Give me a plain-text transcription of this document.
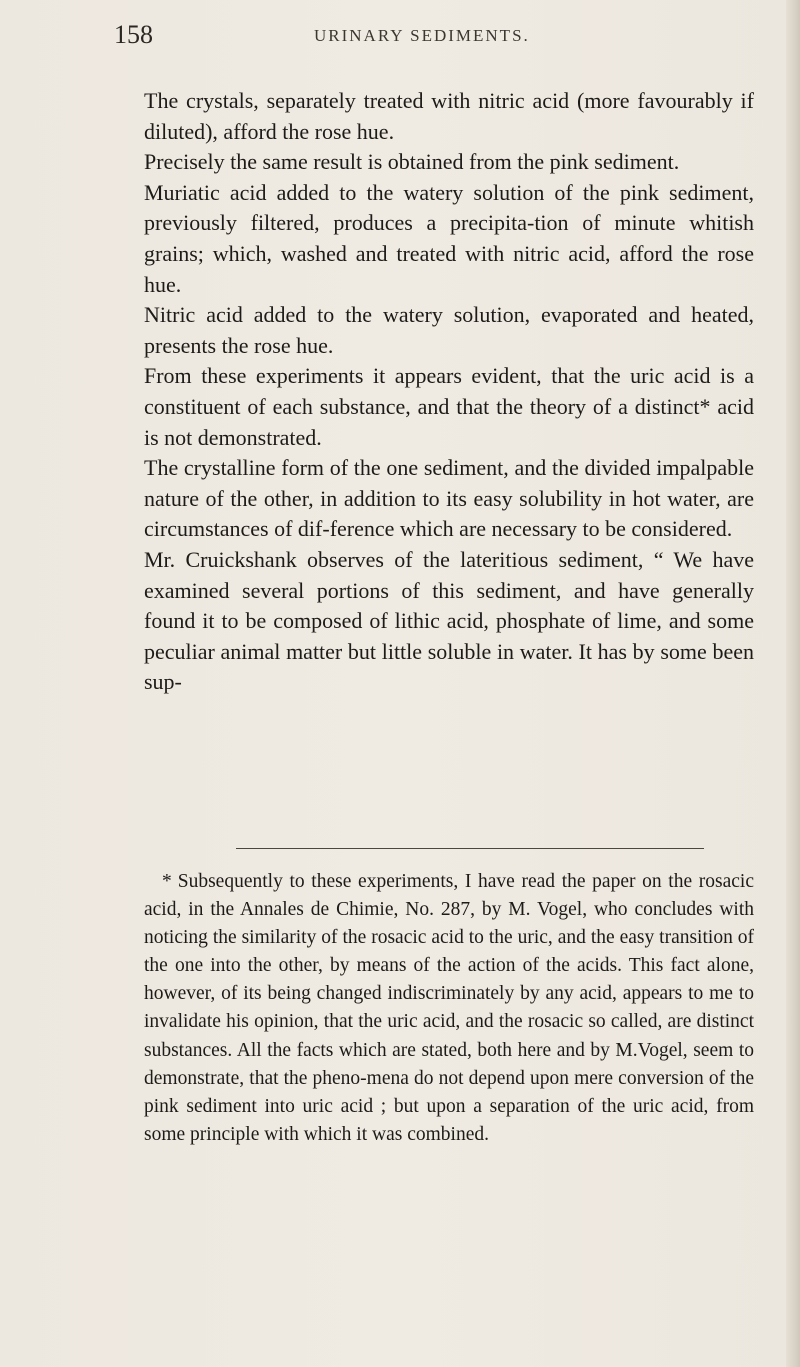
158	URINARY SEDIMENTS.

The crystals, separately treated with nitric acid (more favourably if diluted), afford the rose hue.

Precisely the same result is obtained from the pink sediment.

Muriatic acid added to the watery solution of the pink sediment, previously filtered, produces a precipita-tion of minute whitish grains; which, washed and treated with nitric acid, afford the rose hue.

Nitric acid added to the watery solution, evaporated and heated, presents the rose hue.

From these experiments it appears evident, that the uric acid is a constituent of each substance, and that the theory of a distinct* acid is not demonstrated.

The crystalline form of the one sediment, and the divided impalpable nature of the other, in addition to its easy solubility in hot water, are circumstances of dif-ference which are necessary to be considered.

Mr. Cruickshank observes of the lateritious sediment, “ We have examined several portions of this sediment, and have generally found it to be composed of lithic acid, phosphate of lime, and some peculiar animal matter but little soluble in water. It has by some been sup-

* Subsequently to these experiments, I have read the paper on the rosacic acid, in the Annales de Chimie, No. 287, by M. Vogel, who concludes with noticing the similarity of the rosacic acid to the uric, and the easy transition of the one into the other, by means of the action of the acids. This fact alone, however, of its being changed indiscriminately by any acid, appears to me to invalidate his opinion, that the uric acid, and the rosacic so called, are distinct substances. All the facts which are stated, both here and by M.Vogel, seem to demonstrate, that the pheno-mena do not depend upon mere conversion of the pink sediment into uric acid ; but upon a separation of the uric acid, from some principle with which it was combined.
